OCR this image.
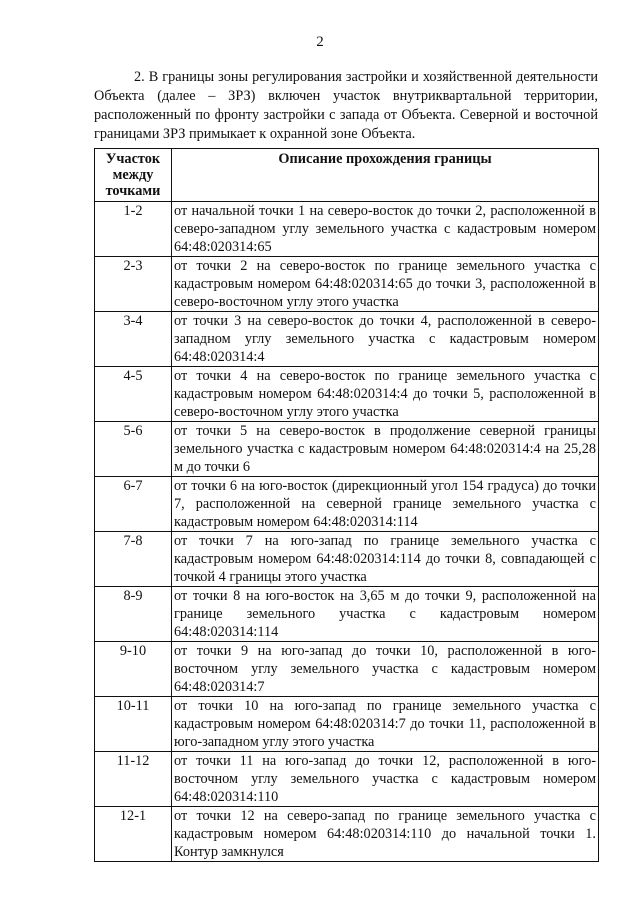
2

2. В границы зоны регулирования застройки и хозяйственной деятельности Объекта (далее – ЗРЗ) включен участок внутриквартальной территории, расположенный по фронту застройки с запада от Объекта. Северной и восточной границами ЗРЗ примыкает к охранной зоне Объекта.

Участок между точками	Описание прохождения границы
1-2	от начальной точки 1 на северо-восток до точки 2, расположенной в северо-западном углу земельного участка с кадастровым номером 64:48:020314:65
2-3	от точки 2 на северо-восток по границе земельного участка с кадастровым номером 64:48:020314:65 до точки 3, расположенной в северо-восточном углу этого участка
3-4	от точки 3 на северо-восток до точки 4, расположенной в северо-западном углу земельного участка с кадастровым номером 64:48:020314:4
4-5	от точки 4 на северо-восток по границе земельного участка с кадастровым номером 64:48:020314:4 до точки 5, расположенной в северо-восточном углу этого участка
5-6	от точки 5 на северо-восток в продолжение северной границы земельного участка с кадастровым номером 64:48:020314:4 на 25,28 м до точки 6
6-7	от точки 6 на юго-восток (дирекционный угол 154 градуса) до точки 7, расположенной на северной границе земельного участка с кадастровым номером 64:48:020314:114
7-8	от точки 7 на юго-запад по границе земельного участка с кадастровым номером 64:48:020314:114 до точки 8, совпадающей с точкой 4 границы этого участка
8-9	от точки 8 на юго-восток на 3,65 м до точки 9, расположенной на границе земельного участка с кадастровым номером 64:48:020314:114
9-10	от точки 9 на юго-запад до точки 10, расположенной в юго-восточном углу земельного участка с кадастровым номером 64:48:020314:7
10-11	от точки 10 на юго-запад по границе земельного участка с кадастровым номером 64:48:020314:7 до точки 11, расположенной в юго-западном углу этого участка
11-12	от точки 11 на юго-запад до точки 12, расположенной в юго-восточном углу земельного участка с кадастровым номером 64:48:020314:110
12-1	от точки 12 на северо-запад по границе земельного участка с кадастровым номером 64:48:020314:110 до начальной точки 1. Контур замкнулся
